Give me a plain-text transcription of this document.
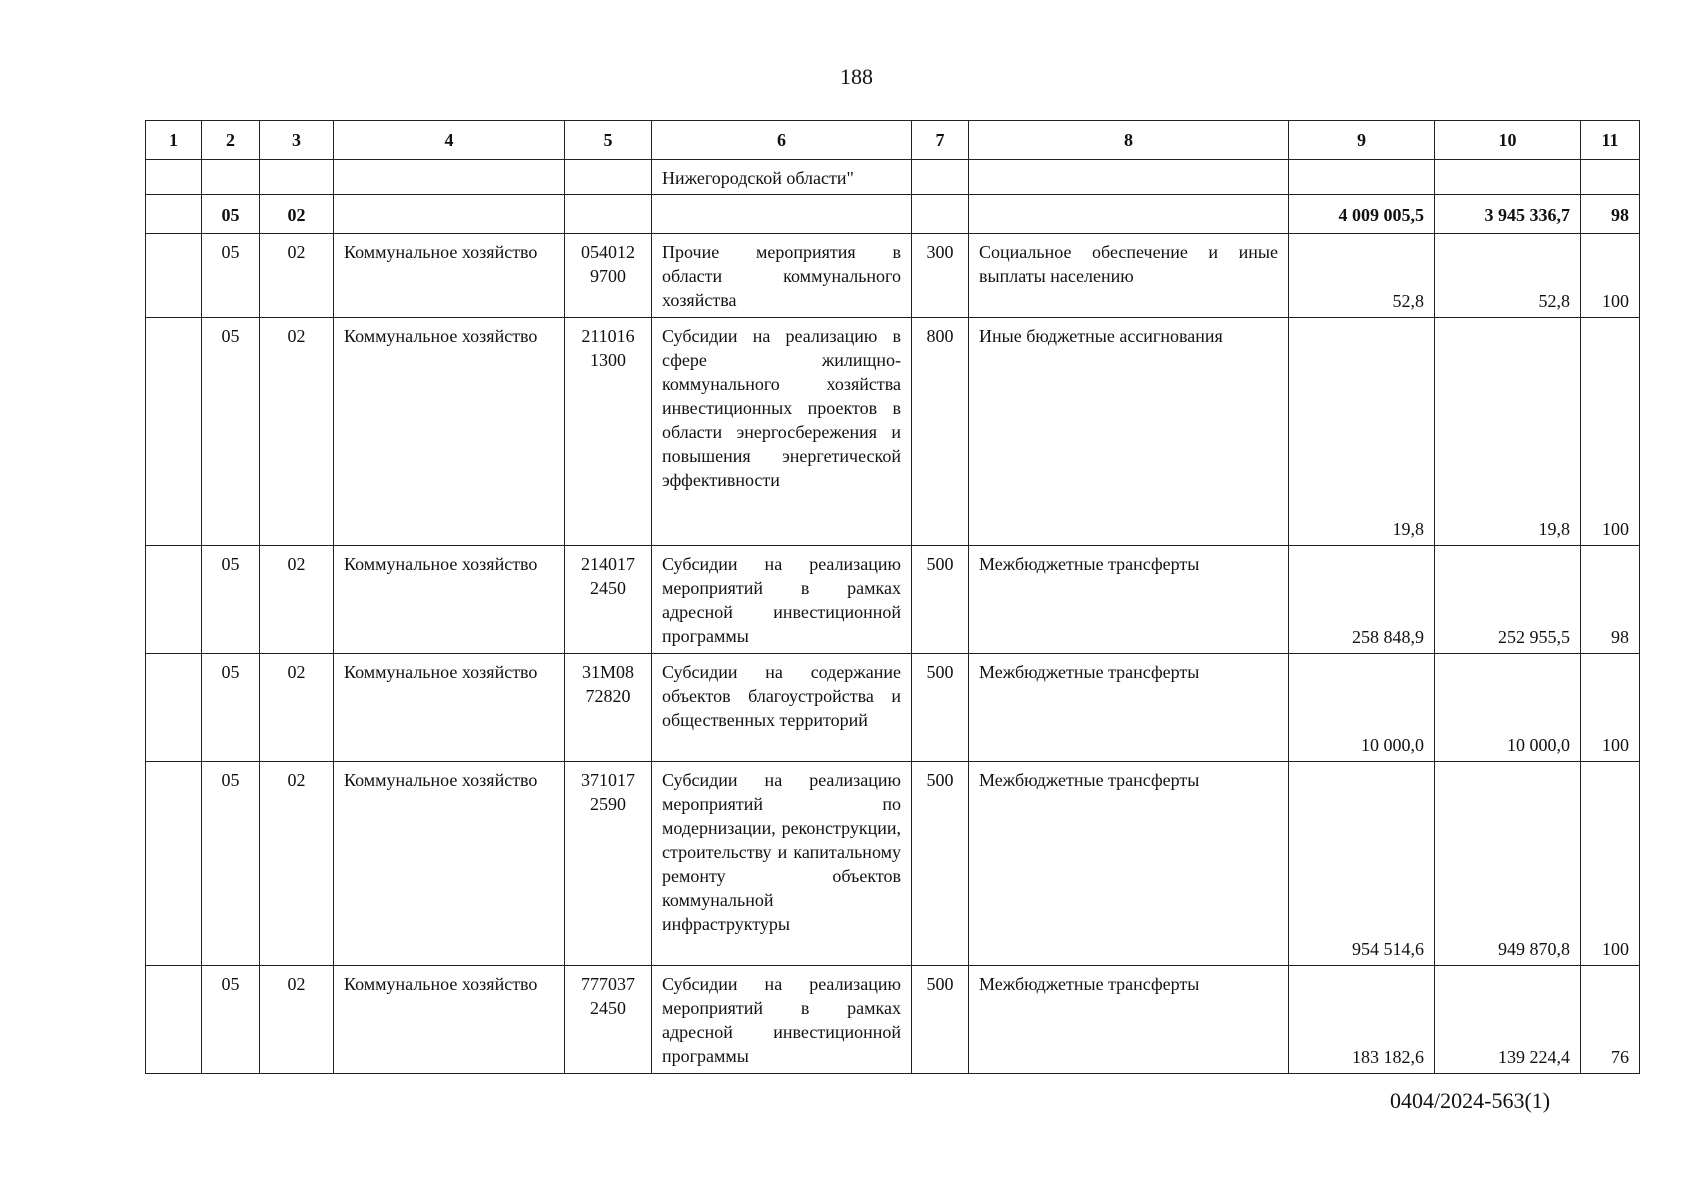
188
1	2	3	4	5	6	7	8	9	10	11
					Нижегородской области"					
	05	02						4 009 005,5	3 945 336,7	98
	05	02	Коммунальное хозяйство	054012 9700	Прочие мероприятия в области коммунального хозяйства	300	Социальное обеспечение и иные выплаты населению	52,8	52,8	100
	05	02	Коммунальное хозяйство	211016 1300	Субсидии на реализацию в сфере жилищно-коммунального хозяйства инвестиционных проектов в области энергосбережения и повышения энергетической эффективности	800	Иные бюджетные ассигнования	19,8	19,8	100
	05	02	Коммунальное хозяйство	214017 2450	Субсидии на реализацию мероприятий в рамках адресной инвестиционной программы	500	Межбюджетные трансферты	258 848,9	252 955,5	98
	05	02	Коммунальное хозяйство	31М08 72820	Субсидии на содержание объектов благоустройства и общественных территорий	500	Межбюджетные трансферты	10 000,0	10 000,0	100
	05	02	Коммунальное хозяйство	371017 2590	Субсидии на реализацию мероприятий по модернизации, реконструкции, строительству и капитальному ремонту объектов коммунальной инфраструктуры	500	Межбюджетные трансферты	954 514,6	949 870,8	100
	05	02	Коммунальное хозяйство	777037 2450	Субсидии на реализацию мероприятий в рамках адресной инвестиционной программы	500	Межбюджетные трансферты	183 182,6	139 224,4	76
0404/2024-563(1)
